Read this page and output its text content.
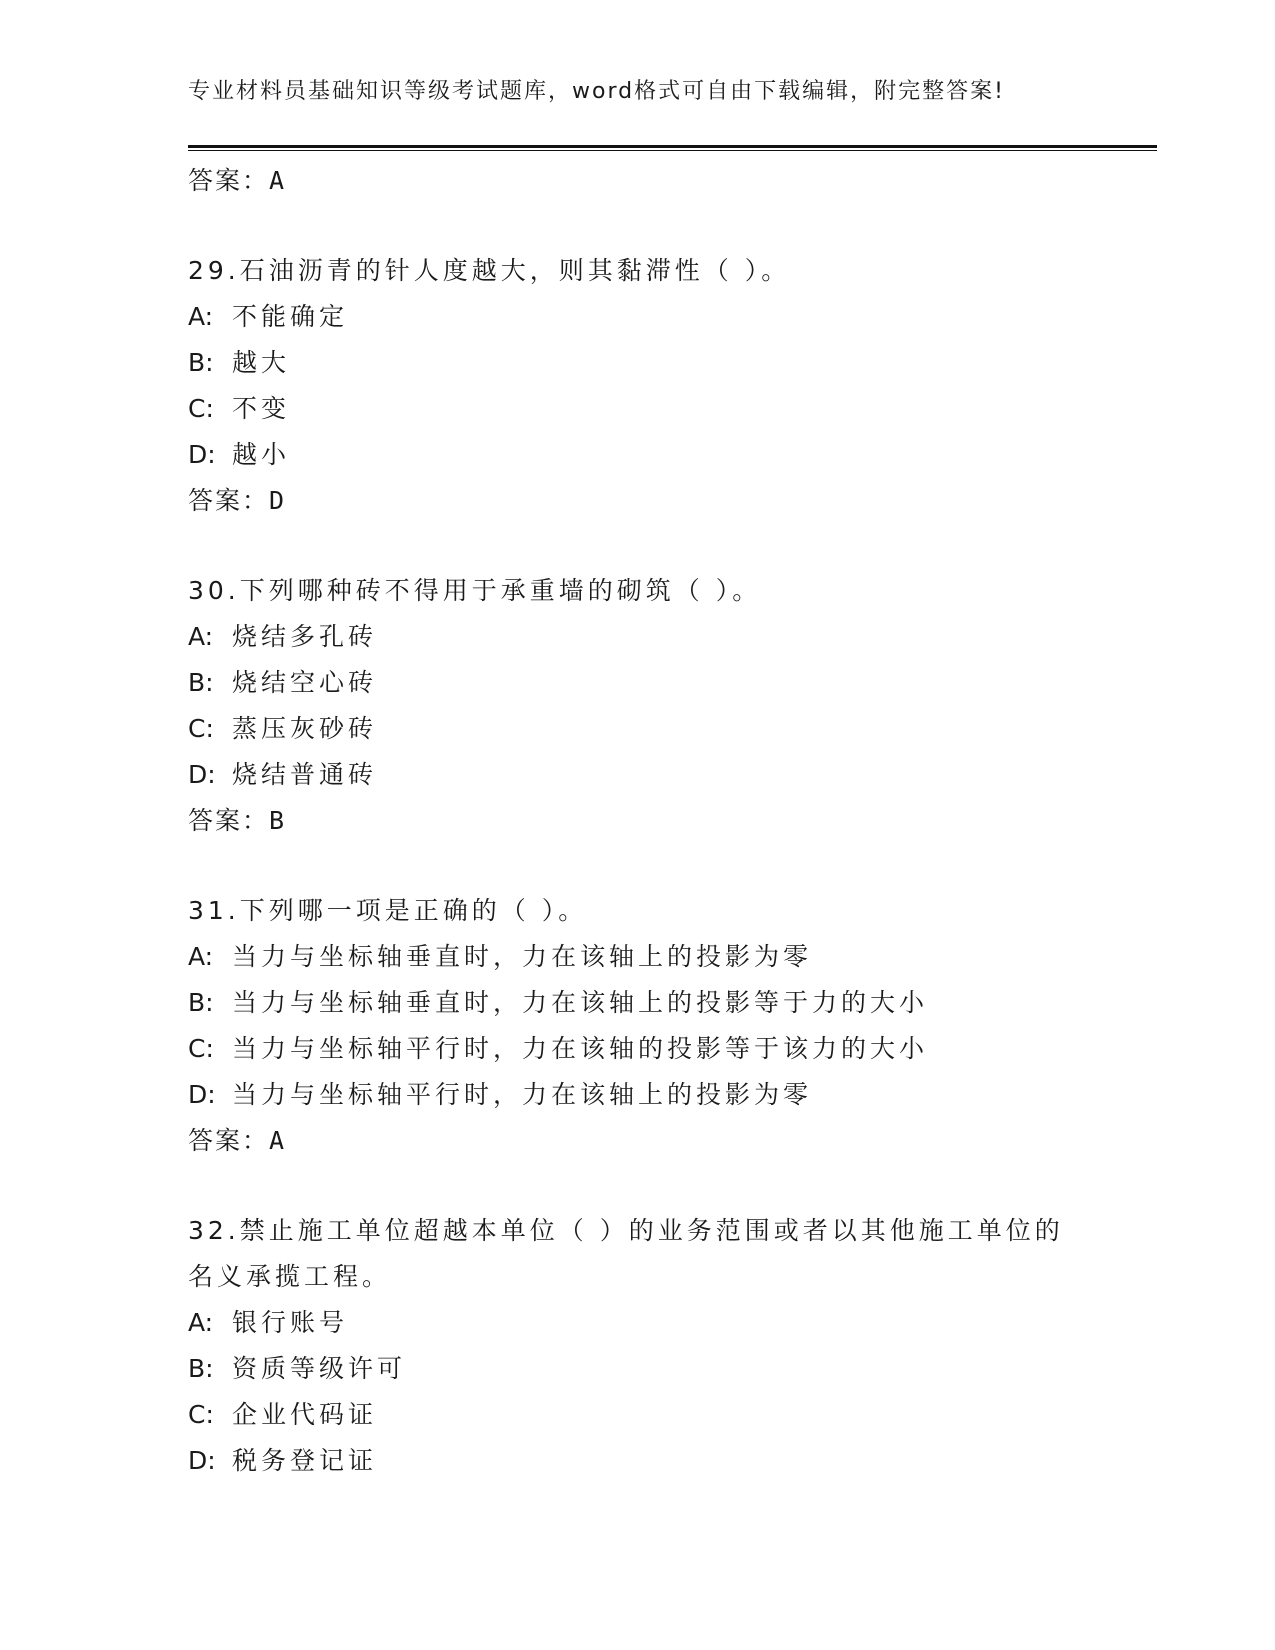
专业材料员基础知识等级考试题库，word格式可自由下载编辑，附完整答案!
答案：A
29.石油沥青的针人度越大，则其黏滞性（ ）。
A: 不能确定
B: 越大
C: 不变
D: 越小
答案：D
30.下列哪种砖不得用于承重墙的砌筑（ ）。
A: 烧结多孔砖
B: 烧结空心砖
C: 蒸压灰砂砖
D: 烧结普通砖
答案：B
31.下列哪一项是正确的（ ）。
A: 当力与坐标轴垂直时，力在该轴上的投影为零
B: 当力与坐标轴垂直时，力在该轴上的投影等于力的大小
C: 当力与坐标轴平行时，力在该轴的投影等于该力的大小
D: 当力与坐标轴平行时，力在该轴上的投影为零
答案：A
32.禁止施工单位超越本单位（ ）的业务范围或者以其他施工单位的
名义承揽工程。
A: 银行账号
B: 资质等级许可
C: 企业代码证
D: 税务登记证
